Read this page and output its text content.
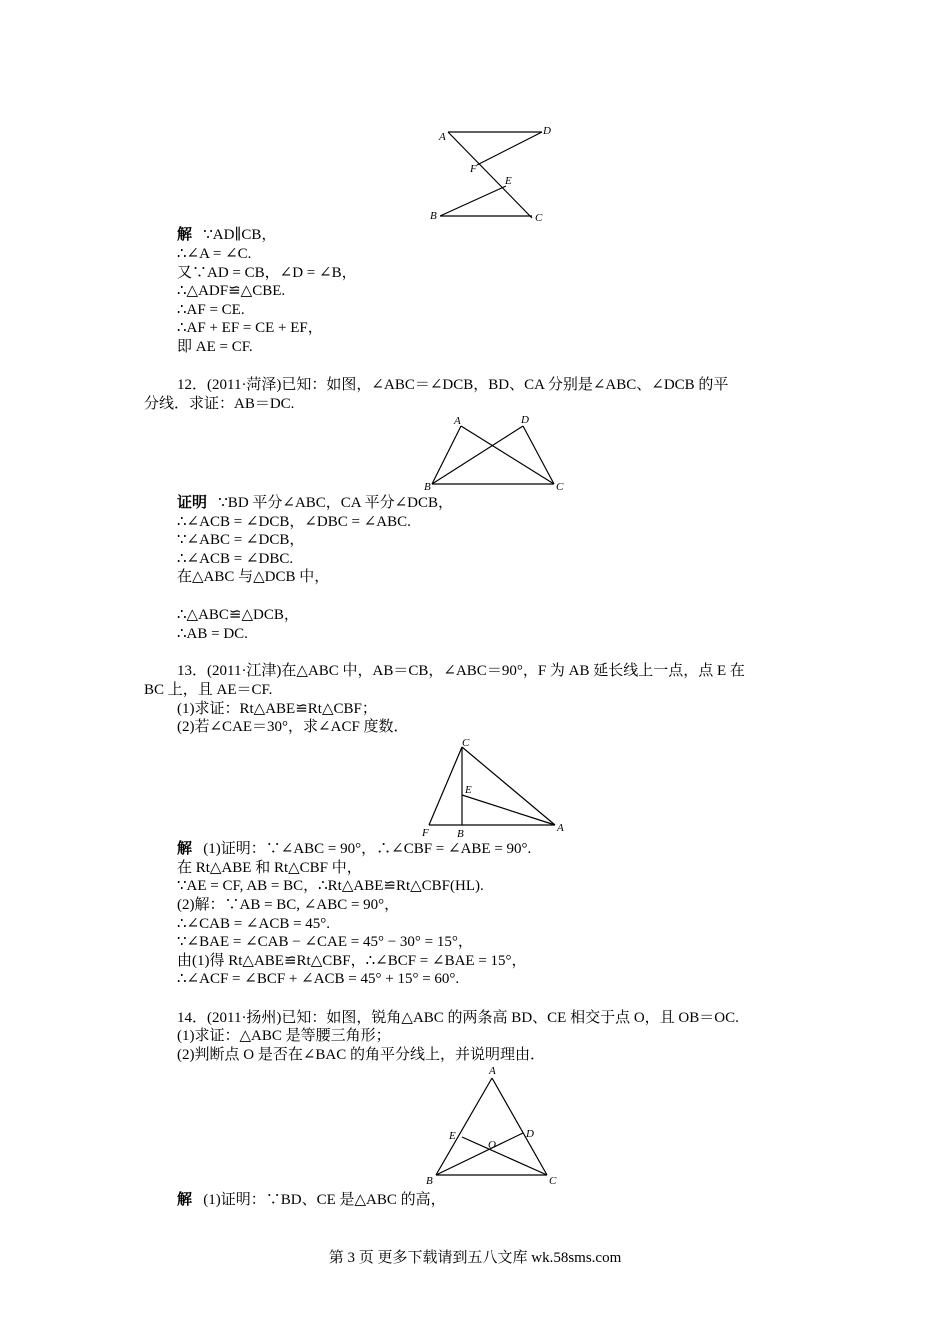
A	D
F
E
B	C
解 ∵AD∥CB，
∴∠A = ∠C.
又∵AD = CB，∠D = ∠B，
∴△ADF≌△CBE.
∴AF = CE.
∴AF + EF = CE + EF，
即 AE = CF.
12．(2011·菏泽)已知：如图，∠ABC＝∠DCB，BD、CA 分别是∠ABC、∠DCB 的平
分线．求证：AB＝DC.
A	D
B	C
证明 ∵BD 平分∠ABC，CA 平分∠DCB，
∴∠ACB = ∠DCB，∠DBC = ∠ABC.
∵∠ABC = ∠DCB，
∴∠ACB = ∠DBC.
在△ABC 与△DCB 中，
∴△ABC≌△DCB，
∴AB = DC.
13．(2011·江津)在△ABC 中，AB＝CB，∠ABC＝90°，F 为 AB 延长线上一点，点 E 在
BC 上，且 AE＝CF.
(1)求证：Rt△ABE≌Rt△CBF；
(2)若∠CAE＝30°，求∠ACF 度数．
C
E
F	B	A
解 (1)证明：∵∠ABC = 90°，∴∠CBF = ∠ABE = 90°.
在 Rt△ABE 和 Rt△CBF 中，
∵AE = CF, AB = BC，∴Rt△ABE≌Rt△CBF(HL).
(2)解：∵AB = BC, ∠ABC = 90°，
∴∠CAB = ∠ACB = 45°.
∵∠BAE = ∠CAB − ∠CAE = 45° − 30° = 15°，
由(1)得 Rt△ABE≌Rt△CBF，∴∠BCF = ∠BAE = 15°，
∴∠ACF = ∠BCF + ∠ACB = 45° + 15° = 60°.
14．(2011·扬州)已知：如图，锐角△ABC 的两条高 BD、CE 相交于点 O，且 OB＝OC.
(1)求证：△ABC 是等腰三角形；
(2)判断点 O 是否在∠BAC 的角平分线上，并说明理由．
A
E
O
D
B	C
解 (1)证明：∵BD、CE 是△ABC 的高，
第 3 页 更多下载请到五八文库 wk.58sms.com
